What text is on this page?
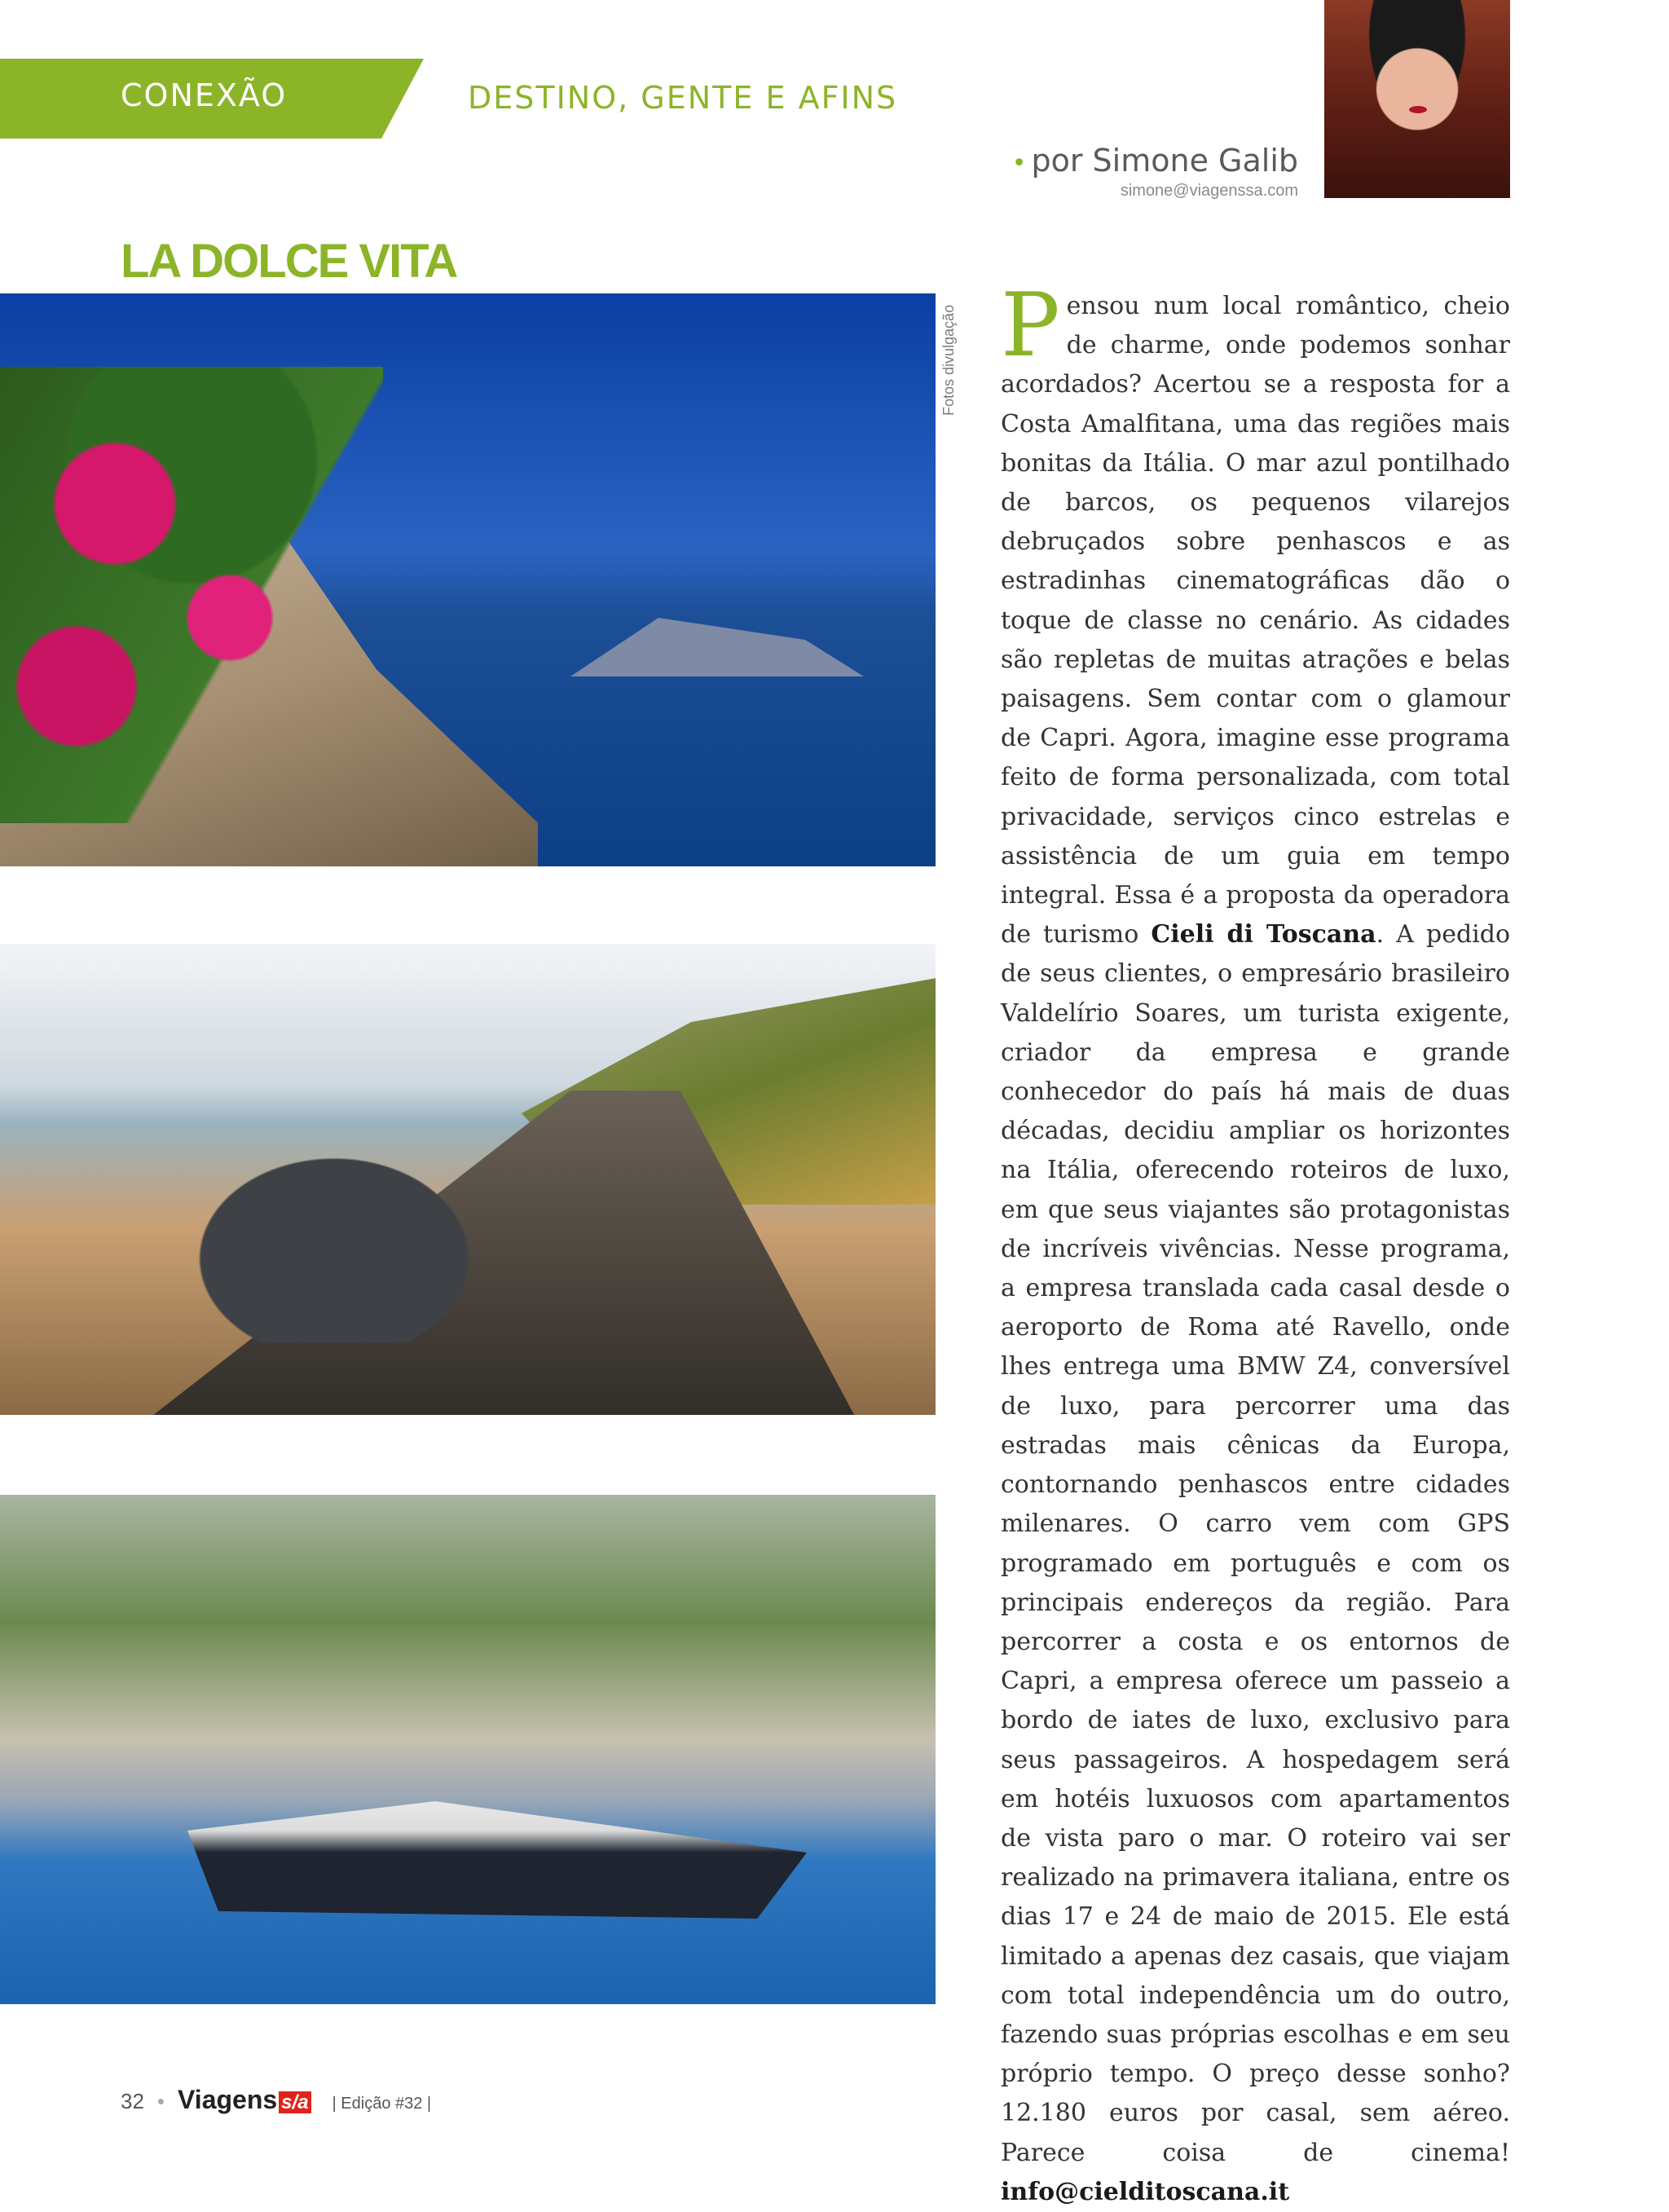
CONEXÃO	DESTINO, GENTE E AFINS
• por Simone Galib
simone@viagenssa.com
LA DOLCE VITA
Fotos divulgação Pensou num local romântico, cheio de charme, onde podemos sonhar acordados? Acertou se a resposta for a Costa Amalfitana, uma das regiões mais bonitas da Itália. O mar azul pontilhado de barcos, os pequenos vilarejos debruçados sobre penhascos e as estradinhas cinematográficas dão o toque de classe no cenário. As cidades são repletas de muitas atrações e belas paisagens. Sem contar com o glamour de Capri. Agora, imagine esse programa feito de forma personalizada, com total privacidade, serviços cinco estrelas e assistência de um guia em tempo integral. Essa é a proposta da operadora de turismo Cieli di Toscana. A pedido de seus clientes, o empresário brasileiro Valdelírio Soares, um turista exigente, criador da empresa e grande conhecedor do país há mais de duas décadas, decidiu ampliar os horizontes na Itália, oferecendo roteiros de luxo, em que seus viajantes são protagonistas de incríveis vivências. Nesse programa, a empresa translada cada casal desde o aeroporto de Roma até Ravello, onde lhes entrega uma BMW Z4, conversível de luxo, para percorrer uma das estradas mais cênicas da Europa, contornando penhascos entre cidades milenares. O carro vem com GPS programado em português e com os principais endereços da região. Para percorrer a costa e os entornos de Capri, a empresa oferece um passeio a bordo de iates de luxo, exclusivo para seus passageiros. A hospedagem será em hotéis luxuosos com apartamentos de vista paro o mar. O roteiro vai ser realizado na primavera italiana, entre os dias 17 e 24 de maio de 2015. Ele está limitado a apenas dez casais, que viajam com total independência um do outro, fazendo suas próprias escolhas e em seu próprio tempo. O preço desse sonho? 12.180 euros por casal, sem aéreo. Parece coisa de cinema! info@cielditoscana.it
32 • Viagens s/a | Edição #32 |
